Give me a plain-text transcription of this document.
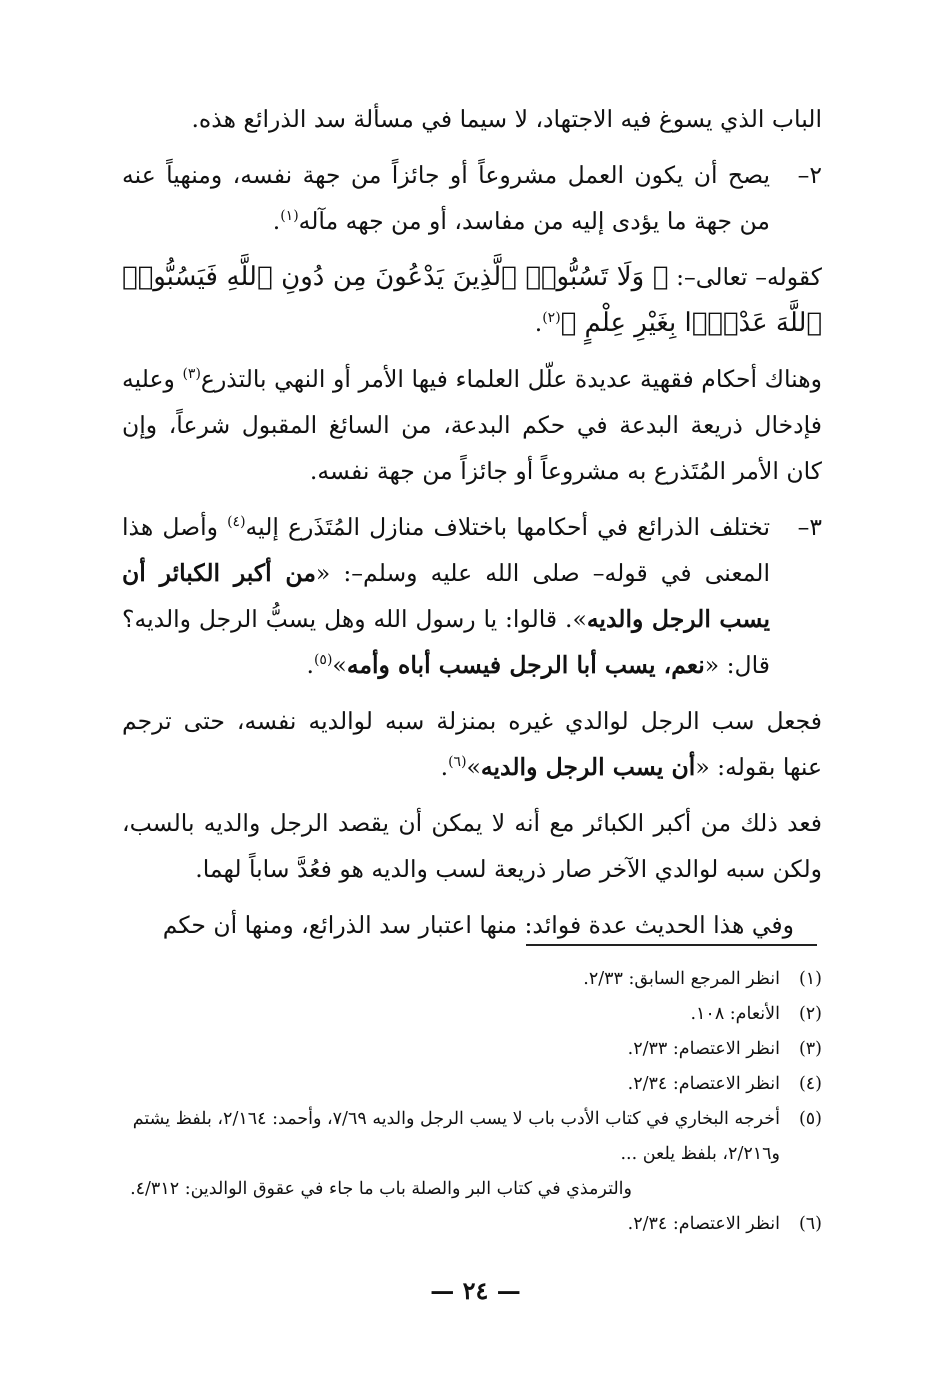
الباب الذي يسوغ فيه الاجتهاد، لا سيما في مسألة سد الذرائع هذه.

٢–
يصح أن يكون العمل مشروعاً أو جائزاً من جهة نفسه، ومنهياً عنه من جهة ما يؤدى إليه من مفاسد، أو من جهه مآله$^{(١)}$.

كقوله– تعالى–: ﴿ وَلَا تَسُبُّوا۟ ٱلَّذِينَ يَدْعُونَ مِن دُونِ ٱللَّهِ فَيَسُبُّوا۟ ٱللَّهَ عَدْوًۢا بِغَيْرِ عِلْمٍ ﴾$^{(٢)}$.

وهناك أحكام فقهية عديدة علّل العلماء فيها الأمر أو النهي بالتذرع$^{(٣)}$ وعليه فإدخال ذريعة البدعة في حكم البدعة، من السائغ المقبول شرعاً، وإن كان الأمر المُتَذرع به مشروعاً أو جائزاً من جهة نفسه.

٣–
تختلف الذرائع في أحكامها باختلاف منازل المُتَذَرع إليه$^{(٤)}$ وأصل هذا المعنى في قوله– صلى الله عليه وسلم–: «من أكبر الكبائر أن يسب الرجل والديه». قالوا: يا رسول الله وهل يسبُّ الرجل والديه؟ قال: «نعم، يسب أبا الرجل فيسب أباه وأمه»$^{(٥)}$.

فجعل سب الرجل لوالدي غيره بمنزلة سبه لوالديه نفسه، حتى ترجم عنها بقوله: «أن يسب الرجل والديه»$^{(٦)}$.

فعد ذلك من أكبر الكبائر مع أنه لا يمكن أن يقصد الرجل والديه بالسب، ولكن سبه لوالدي الآخر صار ذريعة لسب والديه هو فعُدَّ ساباً لهما.

وفي هذا الحديث عدة فوائد: منها اعتبار سد الذرائع، ومنها أن حكم

(١)
انظر المرجع السابق: ٢/٣٣.
(٢)
الأنعام: ١٠٨.
(٣)
انظر الاعتصام: ٢/٣٣.
(٤)
انظر الاعتصام: ٢/٣٤.
(٥)
أخرجه البخاري في كتاب الأدب باب لا يسب الرجل والديه ٧/٦٩، وأحمد: ٢/١٦٤، بلفظ يشتم و٢/٢١٦، بلفظ يلعن ...
والترمذي في كتاب البر والصلة باب ما جاء في عقوق الوالدين: ٤/٣١٢.
(٦)
انظر الاعتصام: ٢/٣٤.
— ٢٤ —
